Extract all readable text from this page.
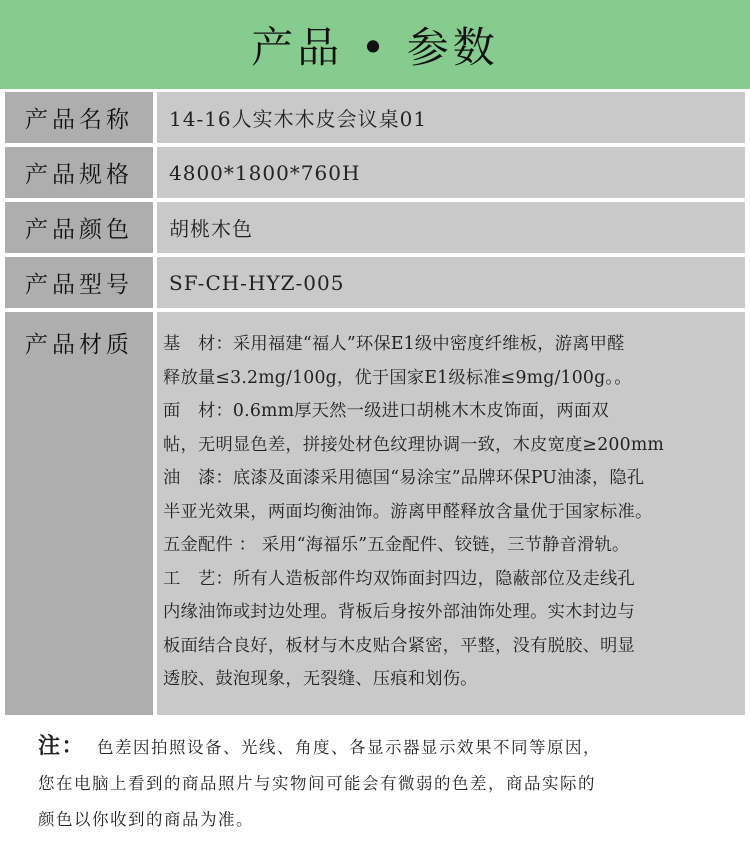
产品 • 参数
产品名称	14-16人实木木皮会议桌01
产品规格	4800*1800*760H
产品颜色	胡桃木色
产品型号	SF-CH-HYZ-005
产品材质	基　材：采用福建“福人”环保E1级中密度纤维板，游离甲醛
释放量≤3.2mg/100g，优于国家E1级标准≤9mg/100g。。
面　材：0.6mm厚天然一级进口胡桃木木皮饰面，两面双
帖，无明显色差，拼接处材色纹理协调一致，木皮宽度≥200mm
油　漆：底漆及面漆采用德国“易涂宝”品牌环保PU油漆，隐孔
半亚光效果，两面均衡油饰。游离甲醛释放含量优于国家标准。
五金配件 ： 采用“海福乐”五金配件、铰链，三节静音滑轨。
工　艺：所有人造板部件均双饰面封四边，隐蔽部位及走线孔
内缘油饰或封边处理。背板后身按外部油饰处理。实木封边与
板面结合良好，板材与木皮贴合紧密，平整，没有脱胶、明显
透胶、鼓泡现象，无裂缝、压痕和划伤。
注： 色差因拍照设备、光线、角度、各显示器显示效果不同等原因，
您在电脑上看到的商品照片与实物间可能会有微弱的色差，商品实际的
颜色以你收到的商品为准。
